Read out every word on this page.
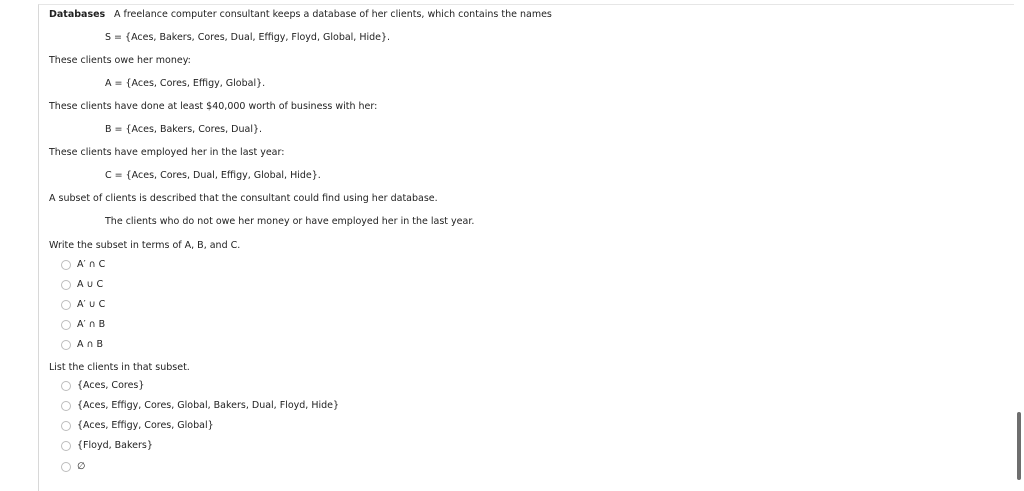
Databases A freelance computer consultant keeps a database of her clients, which contains the names
S = {Aces, Bakers, Cores, Dual, Effigy, Floyd, Global, Hide}.
These clients owe her money:
A = {Aces, Cores, Effigy, Global}.
These clients have done at least $40,000 worth of business with her:
B = {Aces, Bakers, Cores, Dual}.
These clients have employed her in the last year:
C = {Aces, Cores, Dual, Effigy, Global, Hide}.
A subset of clients is described that the consultant could find using her database.
The clients who do not owe her money or have employed her in the last year.
Write the subset in terms of A, B, and C.
A′ ∩ C
A ∪ C
A′ ∪ C
A′ ∩ B
A ∩ B
List the clients in that subset.
{Aces, Cores}
{Aces, Effigy, Cores, Global, Bakers, Dual, Floyd, Hide}
{Aces, Effigy, Cores, Global}
{Floyd, Bakers}
∅
